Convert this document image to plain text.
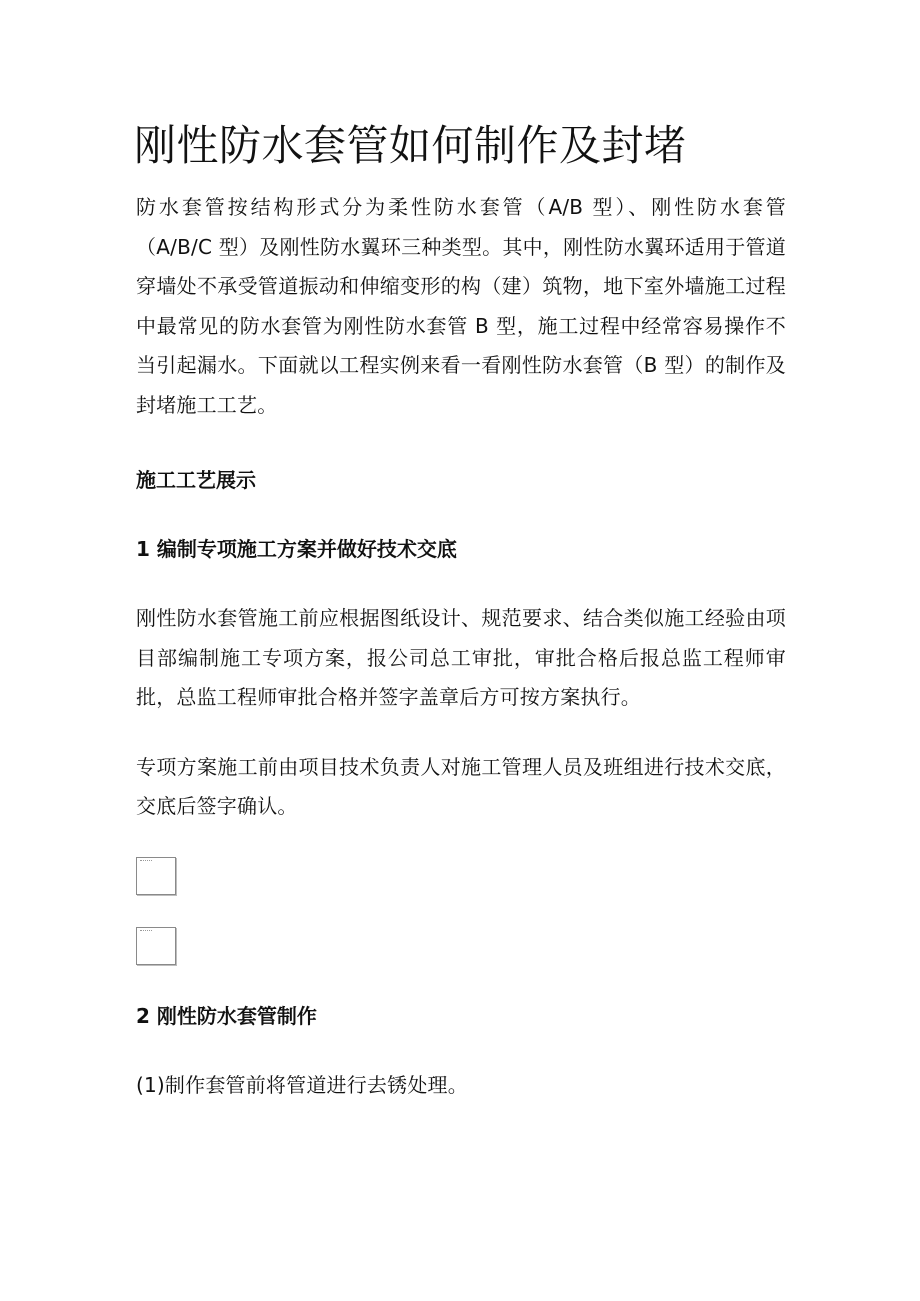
刚性防水套管如何制作及封堵

防水套管按结构形式分为柔性防水套管（A/B 型）、刚性防水套管（A/B/C 型）及刚性防水翼环三种类型。其中，刚性防水翼环适用于管道穿墙处不承受管道振动和伸缩变形的构（建）筑物，地下室外墙施工过程中最常见的防水套管为刚性防水套管 B 型，施工过程中经常容易操作不当引起漏水。下面就以工程实例来看一看刚性防水套管（B 型）的制作及封堵施工工艺。

施工工艺展示
1 编制专项施工方案并做好技术交底

刚性防水套管施工前应根据图纸设计、规范要求、结合类似施工经验由项目部编制施工专项方案，报公司总工审批，审批合格后报总监工程师审批，总监工程师审批合格并签字盖章后方可按方案执行。

专项方案施工前由项目技术负责人对施工管理人员及班组进行技术交底，交底后签字确认。

2 刚性防水套管制作

(1)制作套管前将管道进行去锈处理。
